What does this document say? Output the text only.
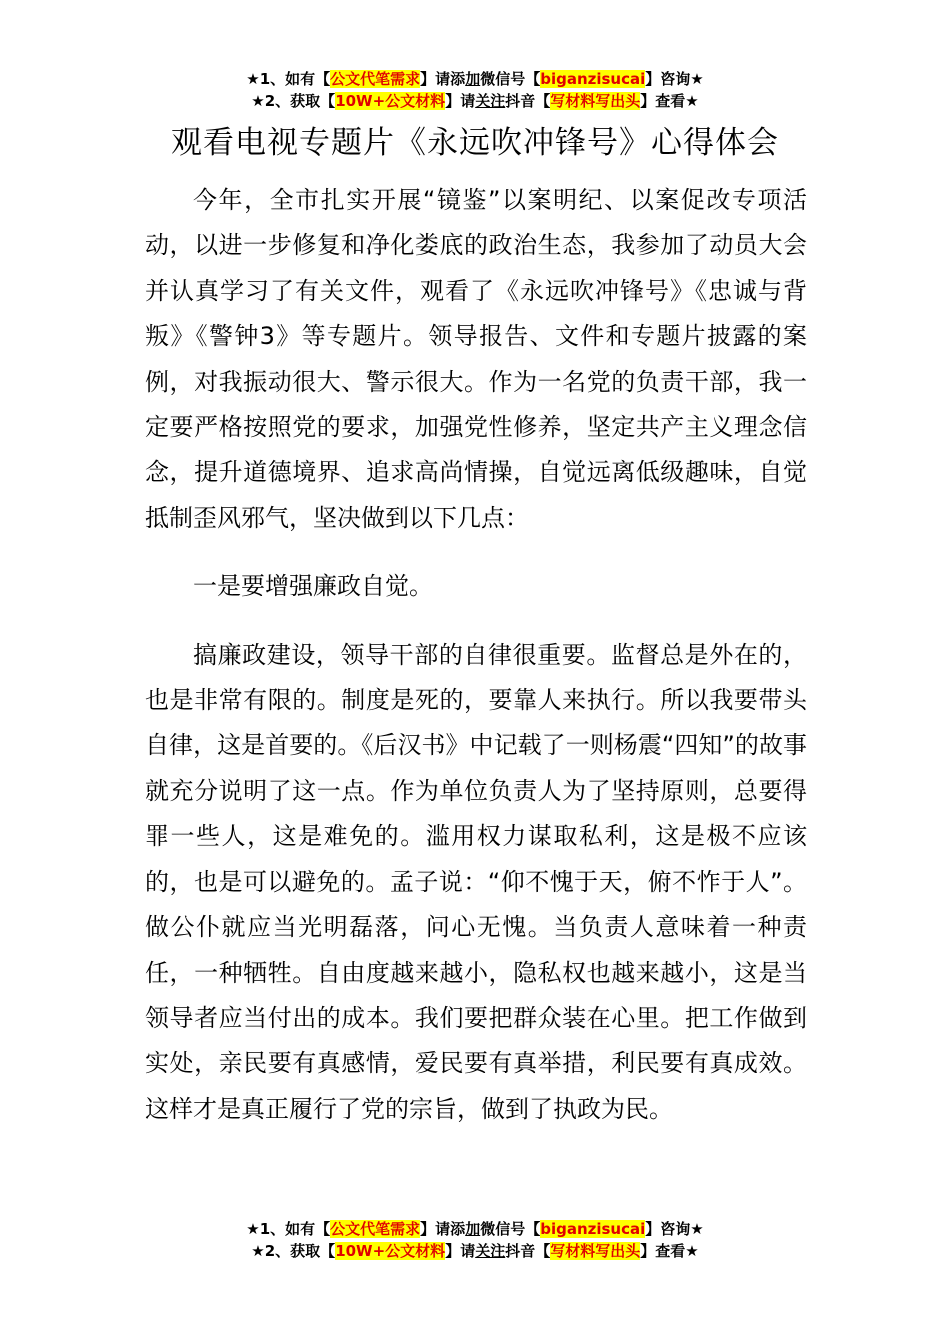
★1、如有【公文代笔需求】请添加微信号【biganzisucai】咨询★
★2、获取【10W+公文材料】请关注抖音【写材料写出头】查看★
观看电视专题片《永远吹冲锋号》心得体会

今年，全市扎实开展“镜鉴”以案明纪、以案促改专项活动，以进一步修复和净化娄底的政治生态，我参加了动员大会并认真学习了有关文件，观看了《永远吹冲锋号》《忠诚与背叛》《警钟3》等专题片。领导报告、文件和专题片披露的案例，对我振动很大、警示很大。作为一名党的负责干部，我一定要严格按照党的要求，加强党性修养，坚定共产主义理念信念，提升道德境界、追求高尚情操，自觉远离低级趣味，自觉抵制歪风邪气，坚决做到以下几点：

一是要增强廉政自觉。

搞廉政建设，领导干部的自律很重要。监督总是外在的，也是非常有限的。制度是死的，要靠人来执行。所以我要带头自律，这是首要的。《后汉书》中记载了一则杨震“四知”的故事就充分说明了这一点。作为单位负责人为了坚持原则，总要得罪一些人，这是难免的。滥用权力谋取私利，这是极不应该的，也是可以避免的。孟子说：“仰不愧于天，俯不怍于人”。做公仆就应当光明磊落，问心无愧。当负责人意味着一种责任，一种牺牲。自由度越来越小，隐私权也越来越小，这是当领导者应当付出的成本。我们要把群众装在心里。把工作做到实处，亲民要有真感情，爱民要有真举措，利民要有真成效。这样才是真正履行了党的宗旨，做到了执政为民。

★1、如有【公文代笔需求】请添加微信号【biganzisucai】咨询★
★2、获取【10W+公文材料】请关注抖音【写材料写出头】查看★
